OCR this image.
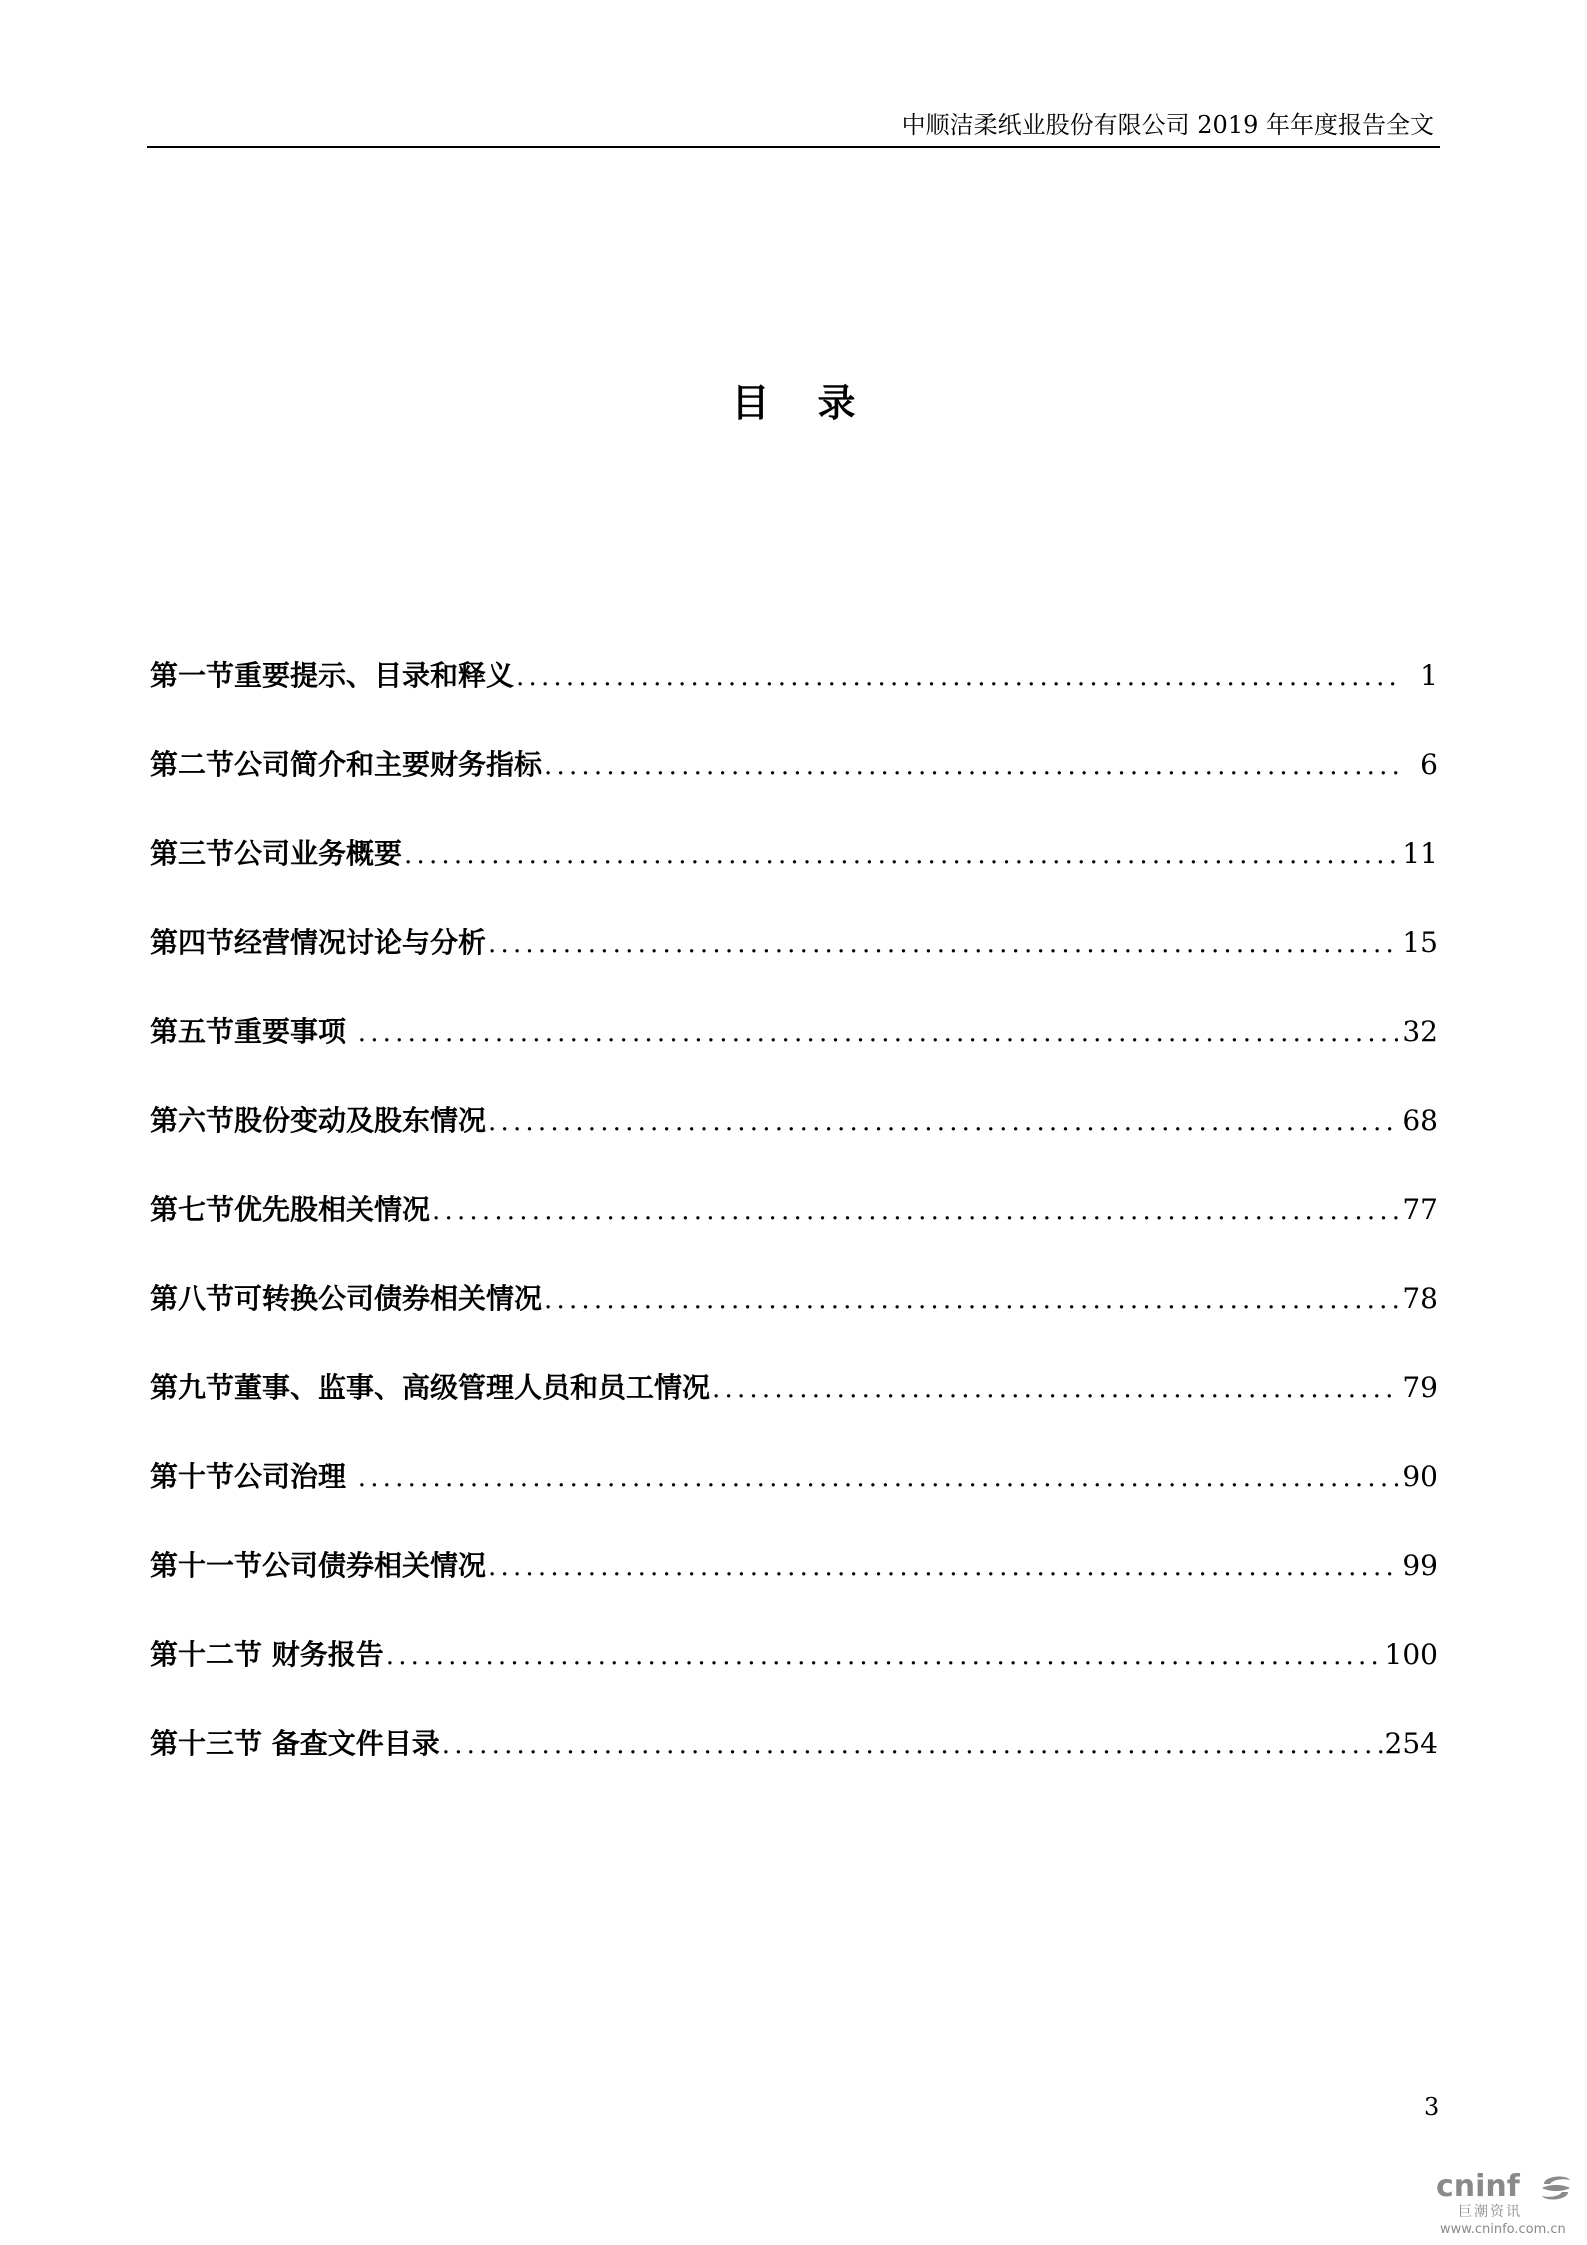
中顺洁柔纸业股份有限公司 2019 年年度报告全文
目录
第一节重要提示、目录和释义 .....	1
第二节公司简介和主要财务指标 .....	6
第三节公司业务概要 .....	11
第四节经营情况讨论与分析 .....	15
第五节重要事项 .....	32
第六节股份变动及股东情况 .....	68
第七节优先股相关情况 .....	77
第八节可转换公司债券相关情况 .....	78
第九节董事、监事、高级管理人员和员工情况 .....	79
第十节公司治理 .....	90
第十一节公司债券相关情况 .....	99
第十二节 财务报告 .....	100
第十三节 备查文件目录 .....	254
3
cninf
巨潮资讯
www.cninfo.com.cn
